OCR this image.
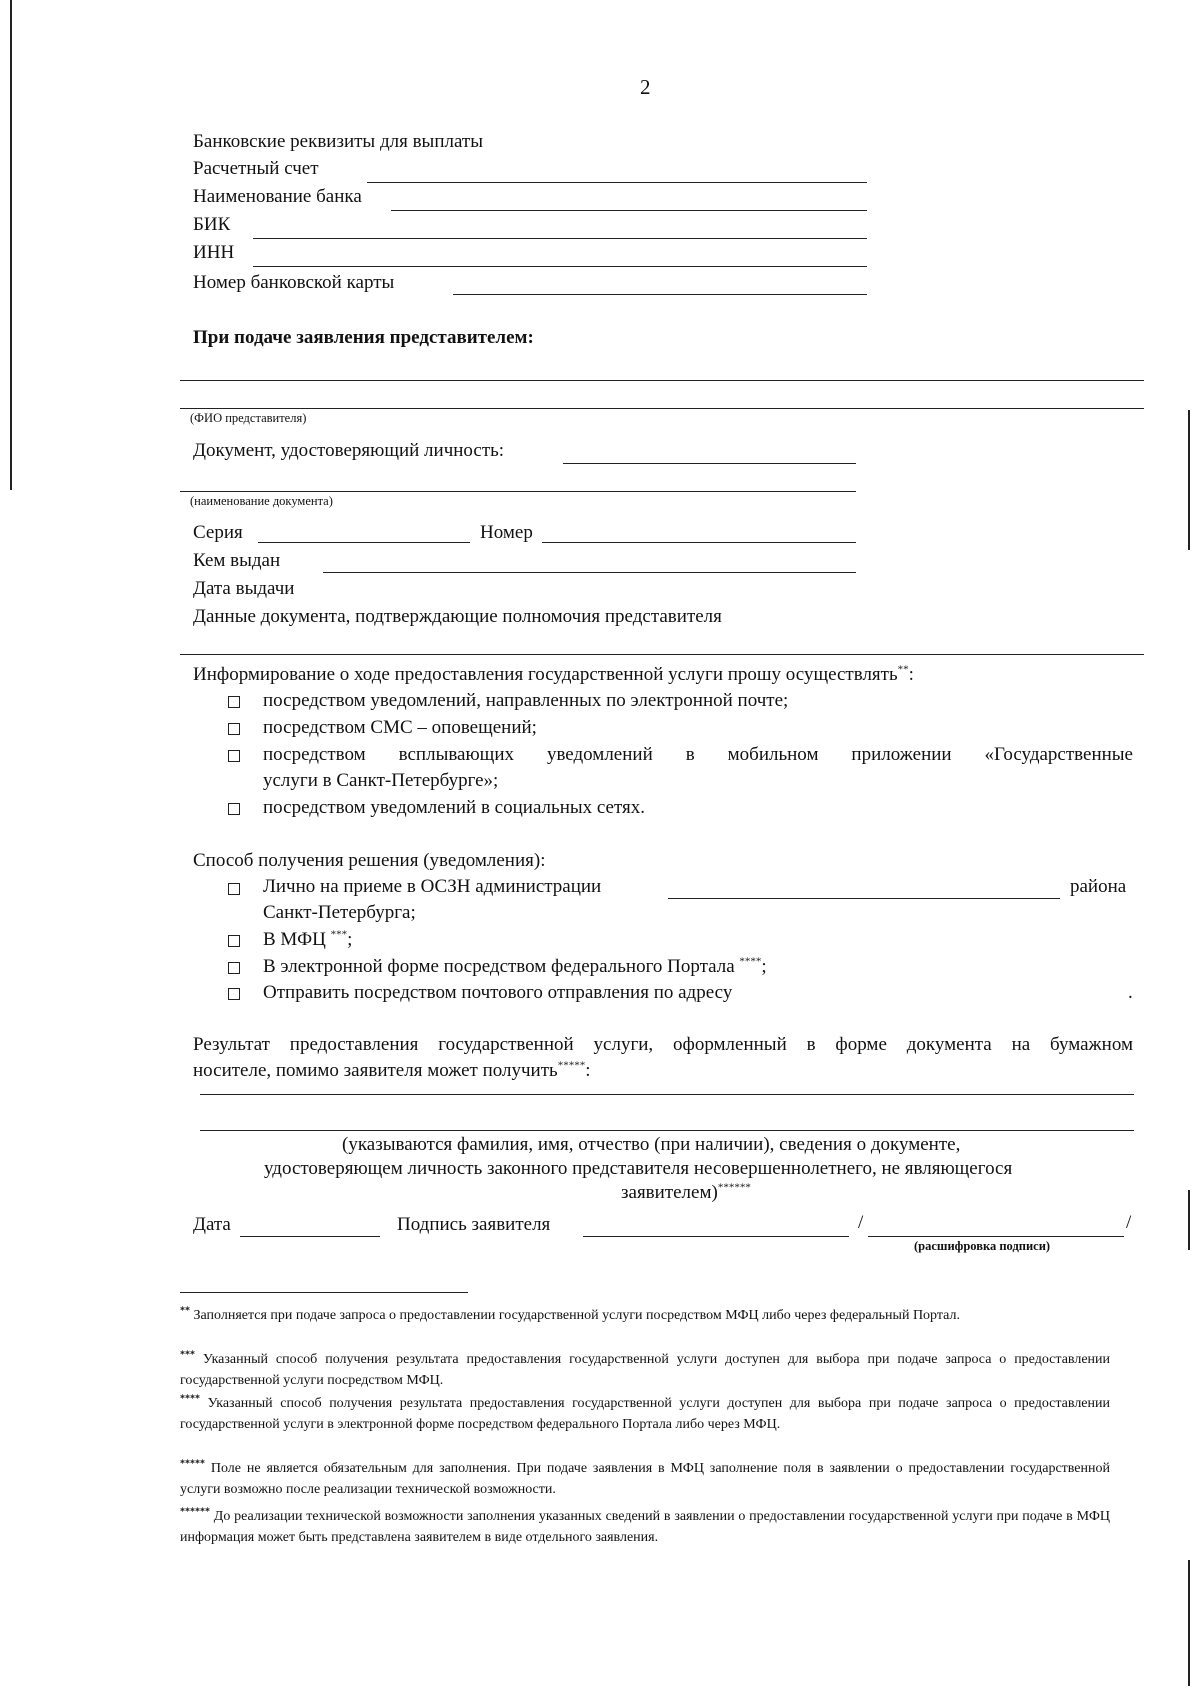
2
Банковские реквизиты для выплаты
Расчетный счет
Наименование банка
БИК
ИНН
Номер банковской карты
При подаче заявления представителем:
(ФИО представителя)
Документ, удостоверяющий личность:
(наименование документа)
Серия	Номер
Кем выдан
Дата выдачи
Данные документа, подтверждающие полномочия представителя
Информирование о ходе предоставления государственной услуги прошу осуществлять**:
посредством уведомлений, направленных по электронной почте;
посредством СМС – оповещений;
посредством всплывающих уведомлений в мобильном приложении «Государственные
услуги в Санкт-Петербурге»;
посредством уведомлений в социальных сетях.
Способ получения решения (уведомления):
Лично на приеме в ОСЗН администрации	района
Санкт-Петербурга;
В МФЦ ***;
В электронной форме посредством федерального Портала ****;
Отправить посредством почтового отправления по адресу	.
Результат предоставления государственной услуги, оформленный в форме документа на бумажном
носителе, помимо заявителя может получить*****:
(указываются фамилия, имя, отчество (при наличии), сведения о документе,
удостоверяющем личность законного представителя несовершеннолетнего, не являющегося
заявителем)******
Дата	Подпись заявителя	/	/
(расшифровка подписи)
** Заполняется при подаче запроса о предоставлении государственной услуги посредством МФЦ либо через федеральный Портал.
*** Указанный способ получения результата предоставления государственной услуги доступен для выбора при подаче запроса о предоставлении государственной услуги посредством МФЦ.
**** Указанный способ получения результата предоставления государственной услуги доступен для выбора при подаче запроса о предоставлении государственной услуги в электронной форме посредством федерального Портала либо через МФЦ.
***** Поле не является обязательным для заполнения. При подаче заявления в МФЦ заполнение поля в заявлении о предоставлении государственной услуги возможно после реализации технической возможности.
****** До реализации технической возможности заполнения указанных сведений в заявлении о предоставлении государственной услуги при подаче в МФЦ информация может быть представлена заявителем в виде отдельного заявления.
